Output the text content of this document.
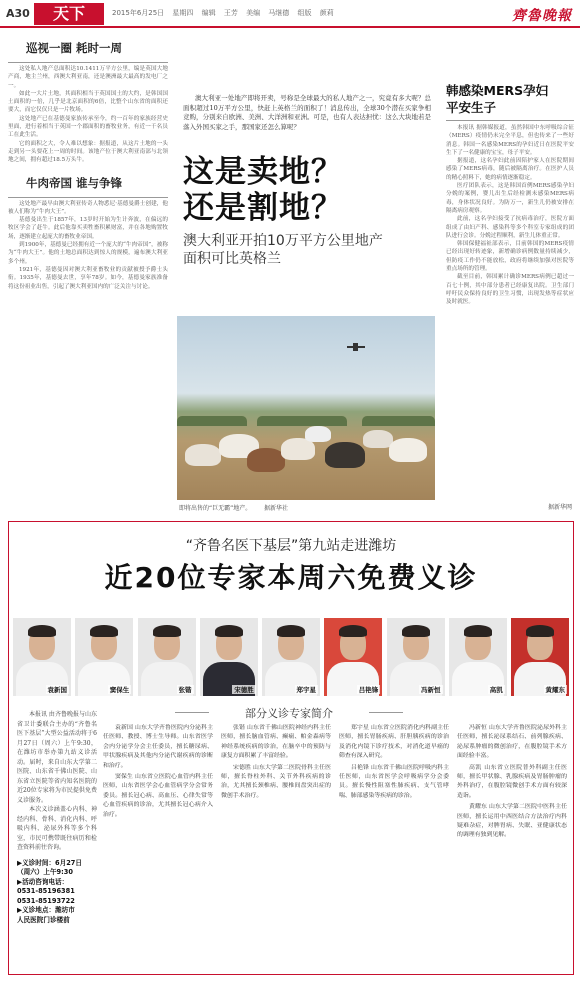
A30	天下	2015年6月25日 星期四 编辑 王芳 美编 马继德 组版 颜莉	齊魯晚報
巡视一圈 耗时一周

这处私人地产总面积达10.1411万平方公里，编是英国大地产商，地主兰州，西澳大利亚南，还是澳洲最大最高的发电厂之一。

如此一大片土地，其面积相当于英国国土的大约，是韩国国土面积的一倍，几乎是北京面积的6倍，比整个山东省的面积还要大，而它仅仅只是一片牧场。

这处地产已在基德曼家族传承至今，约一百年的家族经营史里面，进行着相当于英国一个郡面积的畜牧业务，有近一千名员工在此生活。

它的面积之大，令人难以想象：据报道，从这片土地的一头走到另一头要花上一周的时间。该地产位于澳大利亚南部与北领地之间，拥有超过18.5万头牛。

牛肉帝国 谁与争锋

这处地产最早由澳大利亚传奇人物悉尼·基德曼爵士创建，他被人们称为“牛肉大王”。

基德曼出生于1857年，13岁时开始为生计奔波，在偏远的牧区学会了赶牛。此后他靠买卖牲畜积累财富，并在各地购置牧场，逐渐建立起庞大的畜牧业帝国。

到1900年，基德曼已经拥有近一个庞大的“牛肉帝国”，被称为“牛肉大王”。他的土地总面积达到惊人的规模，遍布澳大利亚多个州。

1921年，基德曼因对澳大利亚畜牧业的贡献被授予爵士头衔。1935年，基德曼去世，享年78岁。如今，基德曼家族准备将这份祖业出售，引起了澳大利亚国内的广泛关注与讨论。

澳大利亚一处地产即将开卖，号称是全球最大的私人地产之一，究竟有多大呢？总面积超过10万平方公里，快赶上英格兰的面积了！消息传出，全球30个潜在买家争相竞购，分别来自欧洲、美洲、大洋洲和亚洲。可是，也有人表达担忧：这么大块地若是落入外国买家之手，那国家还怎么算呢？

这是卖地？
还是割地？
澳大利亚开拍10万平方公里地产
面积可比英格兰
即将出售的“巨无霸”地产。 据新华社
韩感染MERS孕妇
平安生子

本报讯 据韩媒报道，虽然韩国中东呼吸综合征（MERS）疫情仍未完全平息，但也传来了一些好消息。韩国一名感染MERS的孕妇近日在医院平安生下了一名健康的宝宝，母子平安。

据报道，这名孕妇此前因陪护家人在医院期间感染了MERS病毒，随后被隔离治疗。在医护人员的精心照料下，她的病情逐渐稳定。

医疗团队表示，这是韩国首例MERS感染孕妇分娩的案例，婴儿出生后经检测未感染MERS病毒，身体状况良好。为防万一，新生儿仍被安排在隔离病房观察。

此前，这名孕妇接受了抗病毒治疗，医院方面组成了由妇产科、感染科等多个科室专家组成的团队进行会诊。分娩过程顺利，新生儿体重正常。

韩国保健福祉部表示，目前韩国的MERS疫情已经出现好转迹象，新增确诊病例数量持续减少，但防疫工作仍不能放松，政府将继续加强对医院等重点场所的管理。

截至目前，韩国累计确诊MERS病例已超过一百七十例，其中部分患者已经康复出院。卫生部门呼吁民众保持良好的卫生习惯，出现发热等症状应及时就医。

据新华网
“齐鲁名医下基层”第九站走进潍坊
近20位专家本周六免费义诊
袁新国	窦保生	张锴	宋德胜	郑宇星	吕艳锋	冯新恒	高凯	黄耀东

本报讯 由齐鲁晚报与山东省卫计委联合主办的“齐鲁名医下基层”大型公益活动将于6月27日（周六）上午9:30，在潍坊市举办第九站义诊活动。届时，来自山东大学第二医院、山东省千佛山医院、山东省立医院等省内知名医院的近20位专家将为市民提供免费义诊服务。

本次义诊涵盖心内科、神经内科、骨科、消化内科、呼吸内科、泌尿外科等多个科室，市民可携带既往病历和检查资料前往咨询。

▶义诊时间：6月27日
（周六）上午9:30
▶活动咨询电话：
0531-85196381
0531-85193722
▶义诊地点：潍坊市
人民医院门诊楼前
部分义诊专家简介

袁新国 山东大学齐鲁医院内分泌科主任医师、教授、博士生导师。山东省医学会内分泌学分会主任委员，擅长糖尿病、甲状腺疾病及其他内分泌代谢疾病的诊断和治疗。

窦保生 山东省立医院心血管内科主任医师，山东省医学会心血管病学分会常务委员。擅长冠心病、高血压、心律失常等心血管疾病的诊治，尤其擅长冠心病介入治疗。

张锴 山东省千佛山医院神经内科主任医师，擅长脑血管病、癫痫、帕金森病等神经系统疾病的诊治，在脑卒中的预防与康复方面积累了丰富经验。

宋德胜 山东大学第二医院骨科主任医师，擅长脊柱外科、关节外科疾病的诊治，尤其擅长颈椎病、腰椎间盘突出症的微创手术治疗。

郑宇星 山东省立医院消化内科副主任医师，擅长胃肠疾病、肝胆胰疾病的诊治及消化内镜下诊疗技术，对消化道早癌的筛查有深入研究。

吕艳锋 山东省千佛山医院呼吸内科主任医师，山东省医学会呼吸病学分会委员。擅长慢性阻塞性肺疾病、支气管哮喘、肺部感染等疾病的诊治。

冯新恒 山东大学齐鲁医院泌尿外科主任医师，擅长泌尿系结石、前列腺疾病、泌尿系肿瘤的微创治疗，在腹腔镜手术方面经验丰富。

高凯 山东省立医院普外科副主任医师，擅长甲状腺、乳腺疾病及胃肠肿瘤的外科治疗，在腹腔镜微创手术方面有较深造诣。

黄耀东 山东大学第二医院中医科主任医师，擅长运用中西医结合方法治疗内科疑难杂症，对脾胃病、失眠、亚健康状态的调理有独到见解。
